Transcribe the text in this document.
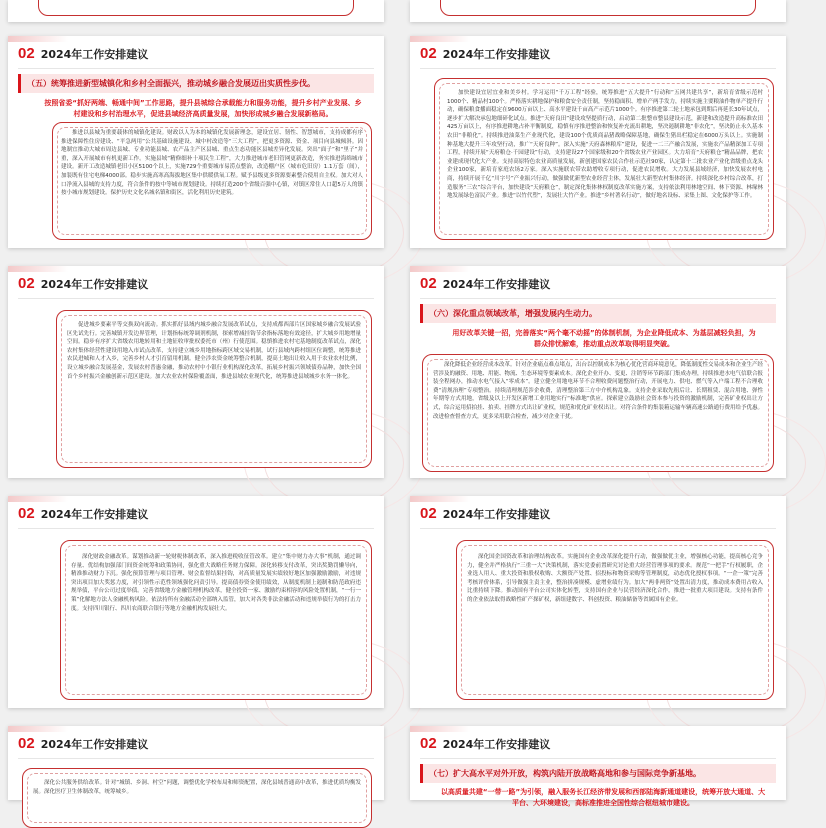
02 2024年工作安排建议
（五）统筹推进新型城镇化和乡村全面振兴，推动城乡融合发展迈出实质性步伐。
按照省委“抓好两端、畅通中间”工作思路，提升县城综合承载能力和服务功能，提升乡村产业发展、乡村建设和乡村治理水平，促进县域经济高质量发展，加快形成城乡融合发展新格局。

推进以县城为重要载体的城镇化建设。财政以人为本的城镇化发展新理念，建设宜居、韧性、智慧城市，支持成都有序推进保障性住房建设、“平急两用”公共基础设施建设、城中村改造等“三大工程”，把更多资源、资金、项目向县城倾斜。因地制宜推动大城市周边县城、专业功能县城、农产品主产区县城、重点生态功能区县城差异化发展。突出“面子”和“里子”并重，深入开展城市有机更新工作。实施县域“精修细补十项民生工程”，大力推进城市老旧管网更新改造，务实推进海绵城市建设。新开工改造城镇老旧小区5100个以上，实施729个重要城市易涝点整治，改造棚户区（城市危旧房）1.1万套（间），加装既有住宅电梯4000部。稳步实施高寒高海拔地区集中供暖供氧工程。赋予县级更多资源要素整合使用自主权。加大对人口净流入县城的支持力度，符合条件的按中等城市规划建设。持续打造200个省级百强中心镇，对镇区常住人口超5万人的镇按小城市规划建设。保护历史文化名城名镇和街区，活化利用历史建筑。

02 2024年工作安排建议

加快建设宜居宜业和美乡村。学习运用“千万工程”经验，统筹推进“五大提升”行动和“五网共建共享”，新培育省级示范村1000个、精品村100个。严格落实耕地保护和粮食安全责任制，坚持稳面积、增单产两手发力，持续实施主要粮油作物单产提升行动，确保粮食播面稳定在9600万亩以上、高水平建设千亩高产示范片1000个。有序推进第二轮土地承包到期后再延长30年试点，逐步扩大解决承包地细碎化试点。推进“天府良田”建设攻坚提质行动，启动第二批整市整县建设示范，新建和改造提升高标准农田425万亩以上，有序推进耕地占补平衡制度，稳慎有序推进整治和恢复补充流出耕地，坚决遏制耕地“非农化”，坚决防止永久基本农田“非粮化”。持续推进油菜生产业现代化，建设100个优质商品猪战略保障基地，确保生猪出栏稳定在6000万头以上。实施制种基地大提升三年攻坚行动，推广“天府良种”。深入实施“天府森林粮库”建设，促进一二三产融合发展，实施农产品精深加工专项工程，持续开展“天府粮仓·千园建设”行动，支持建设27个国家级和20个省级农业产业园区。大力培育“天府粮仓”精品品牌，把农业建成现代化大产业。支持高原特色农业高质量发展，新创建国家农民合作社示范社90家，认定第十二批农业产业化省级重点龙头企业100家，新培育家庭农场2万家。深入实施联农带农助增收专项行动，促进农民增收。大力发展县域经济，加快发展农村电商，持续开展千亿“川字号”产业振兴行动，做强做优新型农业经营主体，发展壮大新型农村集体经济。持续深化乡村综合改革，打造服务“三农”综合平台，加快建设“天府粮仓”，制定深化集体林权制度改革实施方案，支持依法利用林地空间、林下资源、林缘林地发展绿色富民产业。推进“以竹代塑”，发展壮大竹产业。推进“乡村著名行动”，做好地名设标、采集上图、文化保护等工作。

02 2024年工作安排建议

促进城乡要素平等交换双向流动。抓实抓好县域内城乡融合发展改革试点，支持成都西部片区国家城乡融合发展试验区先试先行。完善城镇开发边界管理，计划指标统筹调剂机制，探索增减挂钩节余指标落地有效途径，扩大城乡用地增量空间。稳步有序扩大省级农用地转用和土地征收审批权委托市（州）行使范围。稳慎推进农村宅基地制度改革试点，深化农村集体经营性建设用地入市试点改革，支持建立城乡用地指标跨区域交易机制，试行县域内跨村组区位调整，统筹推进农民进城和人才入乡，完善乡村人才引育留用机制。健全涉农资金统筹整合机制，提高土地出让收入用于农业农村比例，设立城乡融合发展基金，发展农村普惠金融，推动农村中小银行业机构深化改革，拓展乡村振兴领域债券品种，加快全国首个乡村振兴金融创新示范区建设。加大农业农村保险覆盖面，推进县域农业现代化，统筹推进县域城乡水务一体化。

02 2024年工作安排建议
（六）深化重点领域改革，增强发展内生动力。
用好改革关键一招，完善落实“两个毫不动摇”的体制机制，为企业降低成本、为基层减轻负担，为群众排忧解难，推动重点改革取得明显突破。

深化降低企业经营成本改革。针对企业痛点难点堵点，出台以控制成本为核心优化营商环境意见，降低制度性交易成本和企业生产经营涉及的融资、用地、用能、物流、生态环境等要素成本。深化企业开办、变更、注销等环节跨部门集成办理，持续推进水电气信联合报装全程网办，推动水电气接入“零成本”。建立健全用地电环节不合理收费问题整治行动，开展电力、供电、燃气等入户端工程不合理收费“清规治理”专项整治。持续清理规范涉企收费，清理整治第三方中介机构乱象。支持企业采取先租后让、长期租赁、混合用地、弹性年期等方式用地，省级及以上开发区新增工业用地实行“标准地”供应。探索建立鼓励社会资本参与投资的激励机制，完善矿业权出让方式，综合运用招拍挂、拍卖、挂牌方式出让矿业权，规范和优化矿业权出让。对符合条件的集装箱运输车辆高速公路通行费用给予优惠。改进检查督查方式，更多采用联合检查，减少对企业干扰。

02 2024年工作安排建议

深化财政金融改革。谋划推动新一轮财税体制改革，深入推进税收征管改革。建立“集中财力办大事”机制，通过调存量、优结构加强部门间资金统筹和政策协同，强化重大战略任务财力保障。深化转移支付改革，突出奖勤罚懒导向，精准推动财力下沉。强化预算管理与项目管理、财会监督结果挂钩，对高质量发展实绩较好地区加强激励激励，对违规突出项目加大奖惩力度，对引领性示范性领域强化问责引导。提高债券资金使用绩效，从制度机制上遏制和防范政府违规举债，平台公司过度举债。完善省级地方金融管理机构改革，健全投资一家、激励约束相容的风险处置机制，“一行一策”化解地方法人金融机构风险。依法持所有金融活动全部纳入监管，加大对各类非法金融活动和违规举债行为的打击力度。支持四川银行、四川农商联合银行等地方金融机构发展壮大。

02 2024年工作安排建议

深化国企国资改革和治理结构改革。实施国有企业改革深化提升行动，做强做优主业，增强核心功能，提高核心竞争力，健全并严格执行“三重一大”决策机制，落实党委前置研究讨论重大经营管理事项的要求。规范“一把手”行权履职，企业选人用人、重大投资和股权收购、大额资产处置、招投标和物资采购等管理制度，动态优化授权事项。“一企一策”完善考核评价体系，引导做强主责主业，整治拼凑规模、虚增业绩行为。加大“两非两资”处置出清力度，推动成本费用占收入比重持续下降。推动国有平台公司实体化转型，支持国有企业与民营经济深化合作，推进一批重大项目建设。支持有条件的企业依法取得战略性矿产探矿权，新组建数字、科创投资、粮油储备等省属国有企业。

02 2024年工作安排建议

深化公共服务供给改革。针对“城镇、乡洞、村空”问题，调整优化学校布局和师资配置，深化县域普通高中改革，推进优质均衡发展。深化医疗卫生体制改革，统筹城乡。

02 2024年工作安排建议
（七）扩大高水平对外开放，构筑内陆开放战略高地和参与国际竞争新基地。
以高质量共建“一带一路”为引领，融入服务长江经济带发展和西部陆海新通道建设，统筹开放大通道、大平台、大环境建设，高标准推进全国性综合枢纽城市建设。
